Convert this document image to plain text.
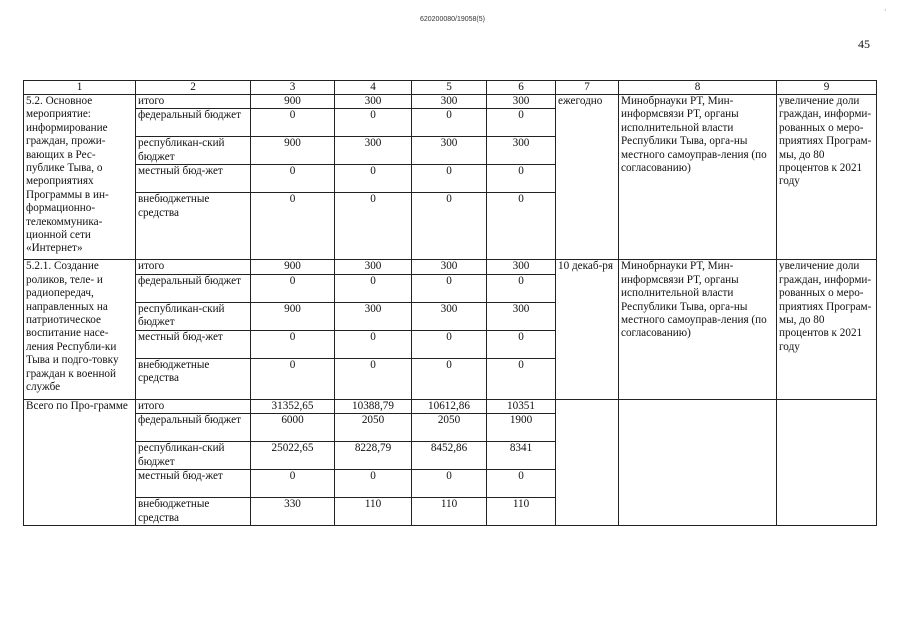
·
620200080/19058(5)
45
1	2	3	4	5	6	7	8	9
5.2. Основное мероприятие: информирование граждан, прожи-вающих в Рес-публике Тыва, о мероприятиях Программы в ин-формационно-телекоммуника-ционной сети «Интернет»	итого	900	300	300	300	ежегодно	Минобрнауки РТ, Мин-информсвязи РТ, органы исполнительной власти Республики Тыва, орга-ны местного самоуправ-ления (по согласованию)	увеличение доли граждан, информи-рованных о меро-приятиях Програм-мы, до 80 процентов к 2021 году
	федеральный бюджет	0	0	0	0			
	республикан-ский бюджет	900	300	300	300			
	местный бюд-жет	0	0	0	0			
	внебюджетные средства	0	0	0	0			
5.2.1. Создание роликов, теле- и радиопередач, направленных на патриотическое воспитание насе-ления Республи-ки Тыва и подго-товку граждан к военной службе	итого	900	300	300	300	10 декаб-ря	Минобрнауки РТ, Мин-информсвязи РТ, органы исполнительной власти Республики Тыва, орга-ны местного самоуправ-ления (по согласованию)	увеличение доли граждан, информи-рованных о меро-приятиях Програм-мы, до 80 процентов к 2021 году
	федеральный бюджет	0	0	0	0			
	республикан-ский бюджет	900	300	300	300			
	местный бюд-жет	0	0	0	0			
	внебюджетные средства	0	0	0	0			
Всего по Про-грамме	итого	31352,65	10388,79	10612,86	10351			
	федеральный бюджет	6000	2050	2050	1900			
	республикан-ский бюджет	25022,65	8228,79	8452,86	8341			
	местный бюд-жет	0	0	0	0			
	внебюджетные средства	330	110	110	110			
